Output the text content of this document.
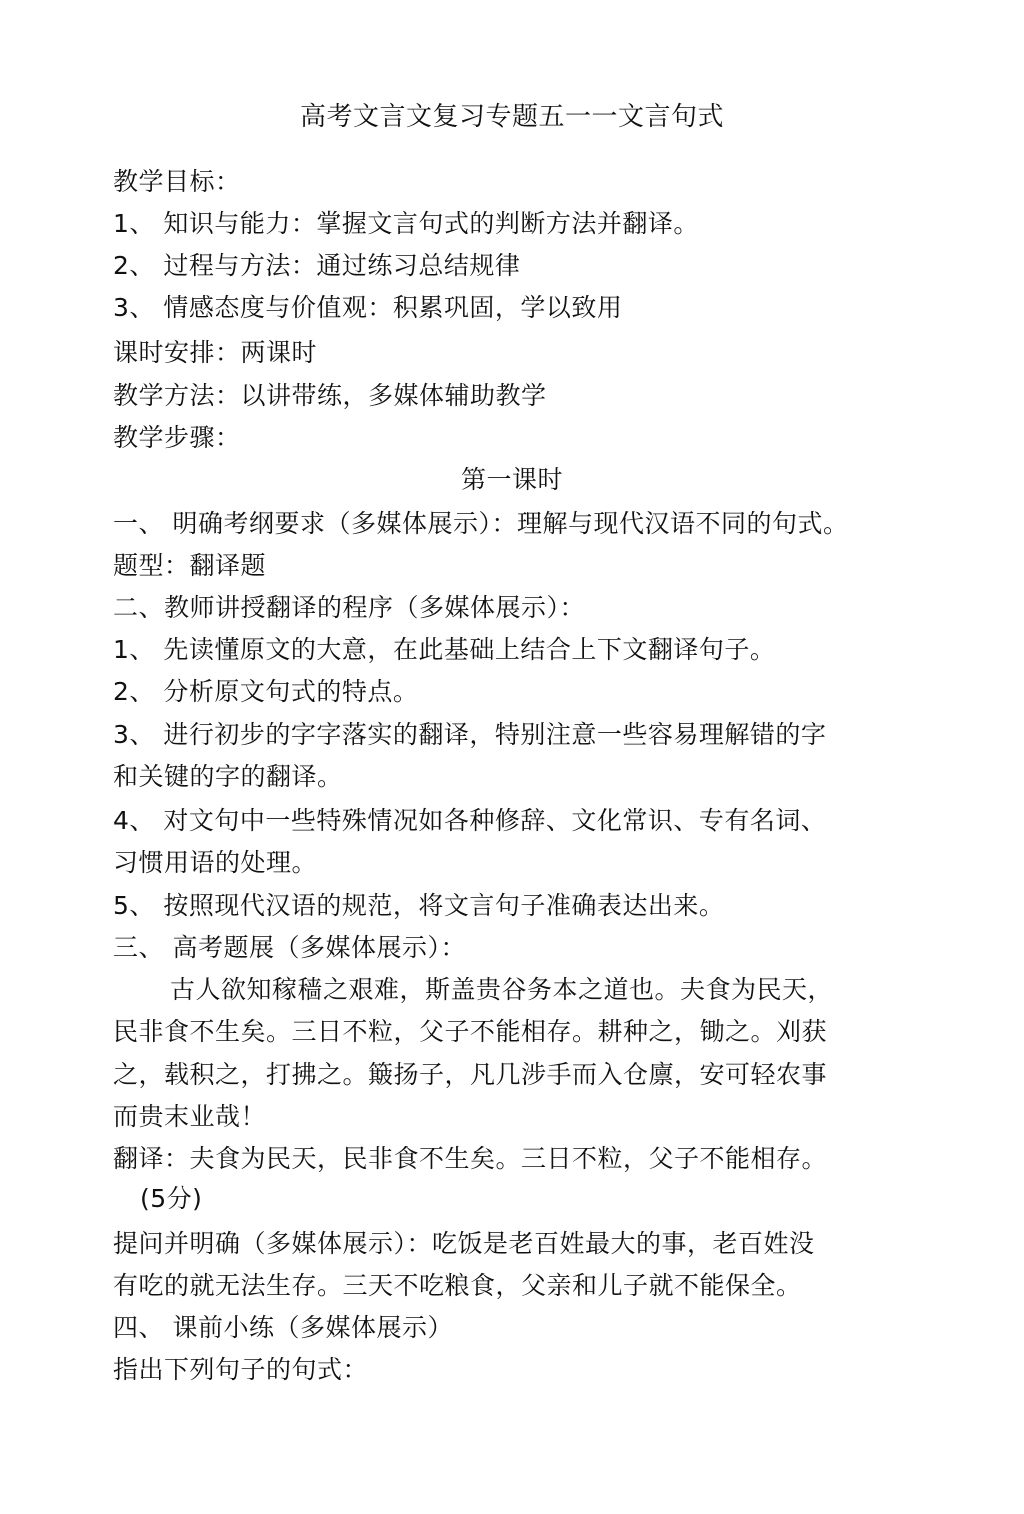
高考文言文复习专题五一一文言句式
教学目标：
1、 知识与能力：掌握文言句式的判断方法并翻译。
2、 过程与方法：通过练习总结规律
3、 情感态度与价值观：积累巩固，学以致用
课时安排：两课时
教学方法：以讲带练，多媒体辅助教学
教学步骤：
第一课时
一、 明确考纲要求（多媒体展示）：理解与现代汉语不同的句式。
题型：翻译题
二、教师讲授翻译的程序（多媒体展示）：
1、 先读懂原文的大意，在此基础上结合上下文翻译句子。
2、 分析原文句式的特点。
3、 进行初步的字字落实的翻译，特别注意一些容易理解错的字
和关键的字的翻译。
4、 对文句中一些特殊情况如各种修辞、文化常识、专有名词、
习惯用语的处理。
5、 按照现代汉语的规范，将文言句子准确表达出来。
三、 高考题展（多媒体展示）：
古人欲知稼穑之艰难，斯盖贵谷务本之道也。夫食为民天，
民非食不生矣。三日不粒，父子不能相存。耕种之，锄之。刈获
之，载积之，打拂之。簸扬子，凡几涉手而入仓廪，安可轻农事
而贵末业哉！
翻译：夫食为民天，民非食不生矣。三日不粒，父子不能相存。
(5分)
提问并明确（多媒体展示）：吃饭是老百姓最大的事，老百姓没
有吃的就无法生存。三天不吃粮食，父亲和儿子就不能保全。
四、 课前小练（多媒体展示）
指出下列句子的句式：
